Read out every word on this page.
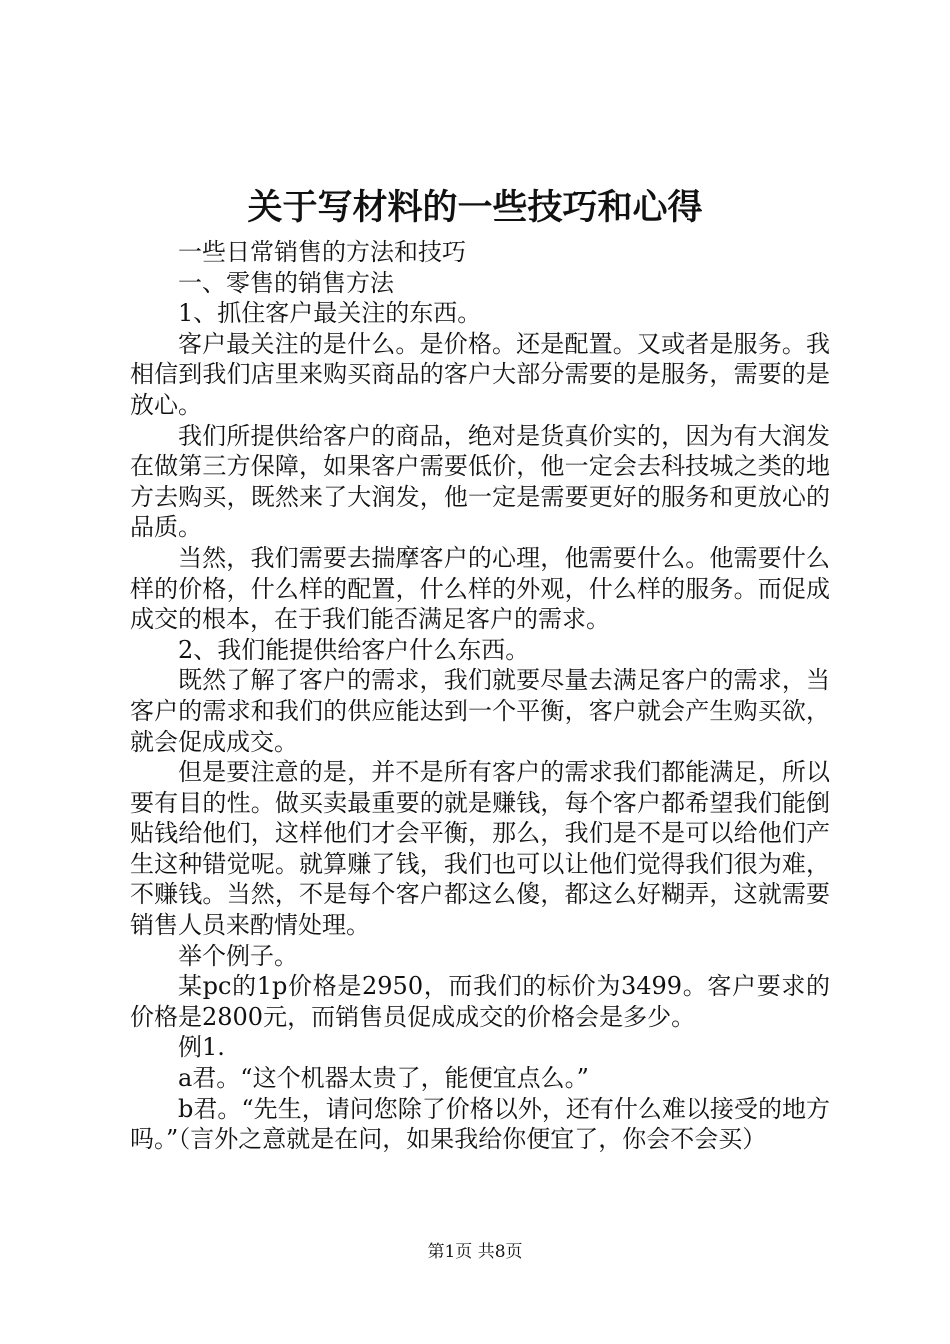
关于写材料的一些技巧和心得

一些日常销售的方法和技巧

一、零售的销售方法

1、抓住客户最关注的东西。

客户最关注的是什么。是价格。还是配置。又或者是服务。我相信到我们店里来购买商品的客户大部分需要的是服务，需要的是放心。

我们所提供给客户的商品，绝对是货真价实的，因为有大润发在做第三方保障，如果客户需要低价，他一定会去科技城之类的地方去购买，既然来了大润发，他一定是需要更好的服务和更放心的品质。

当然，我们需要去揣摩客户的心理，他需要什么。他需要什么样的价格，什么样的配置，什么样的外观，什么样的服务。而促成成交的根本，在于我们能否满足客户的需求。

2、我们能提供给客户什么东西。

既然了解了客户的需求，我们就要尽量去满足客户的需求，当客户的需求和我们的供应能达到一个平衡，客户就会产生购买欲，就会促成成交。

但是要注意的是，并不是所有客户的需求我们都能满足，所以要有目的性。做买卖最重要的就是赚钱，每个客户都希望我们能倒贴钱给他们，这样他们才会平衡，那么，我们是不是可以给他们产生这种错觉呢。就算赚了钱，我们也可以让他们觉得我们很为难，不赚钱。当然，不是每个客户都这么傻，都这么好糊弄，这就需要销售人员来酌情处理。

举个例子。

某pc的1p价格是2950，而我们的标价为3499。客户要求的价格是2800元，而销售员促成成交的价格会是多少。

例1.

a君。“这个机器太贵了，能便宜点么。”

b君。“先生，请问您除了价格以外，还有什么难以接受的地方吗。”（言外之意就是在问，如果我给你便宜了，你会不会买）

第1页 共8页
